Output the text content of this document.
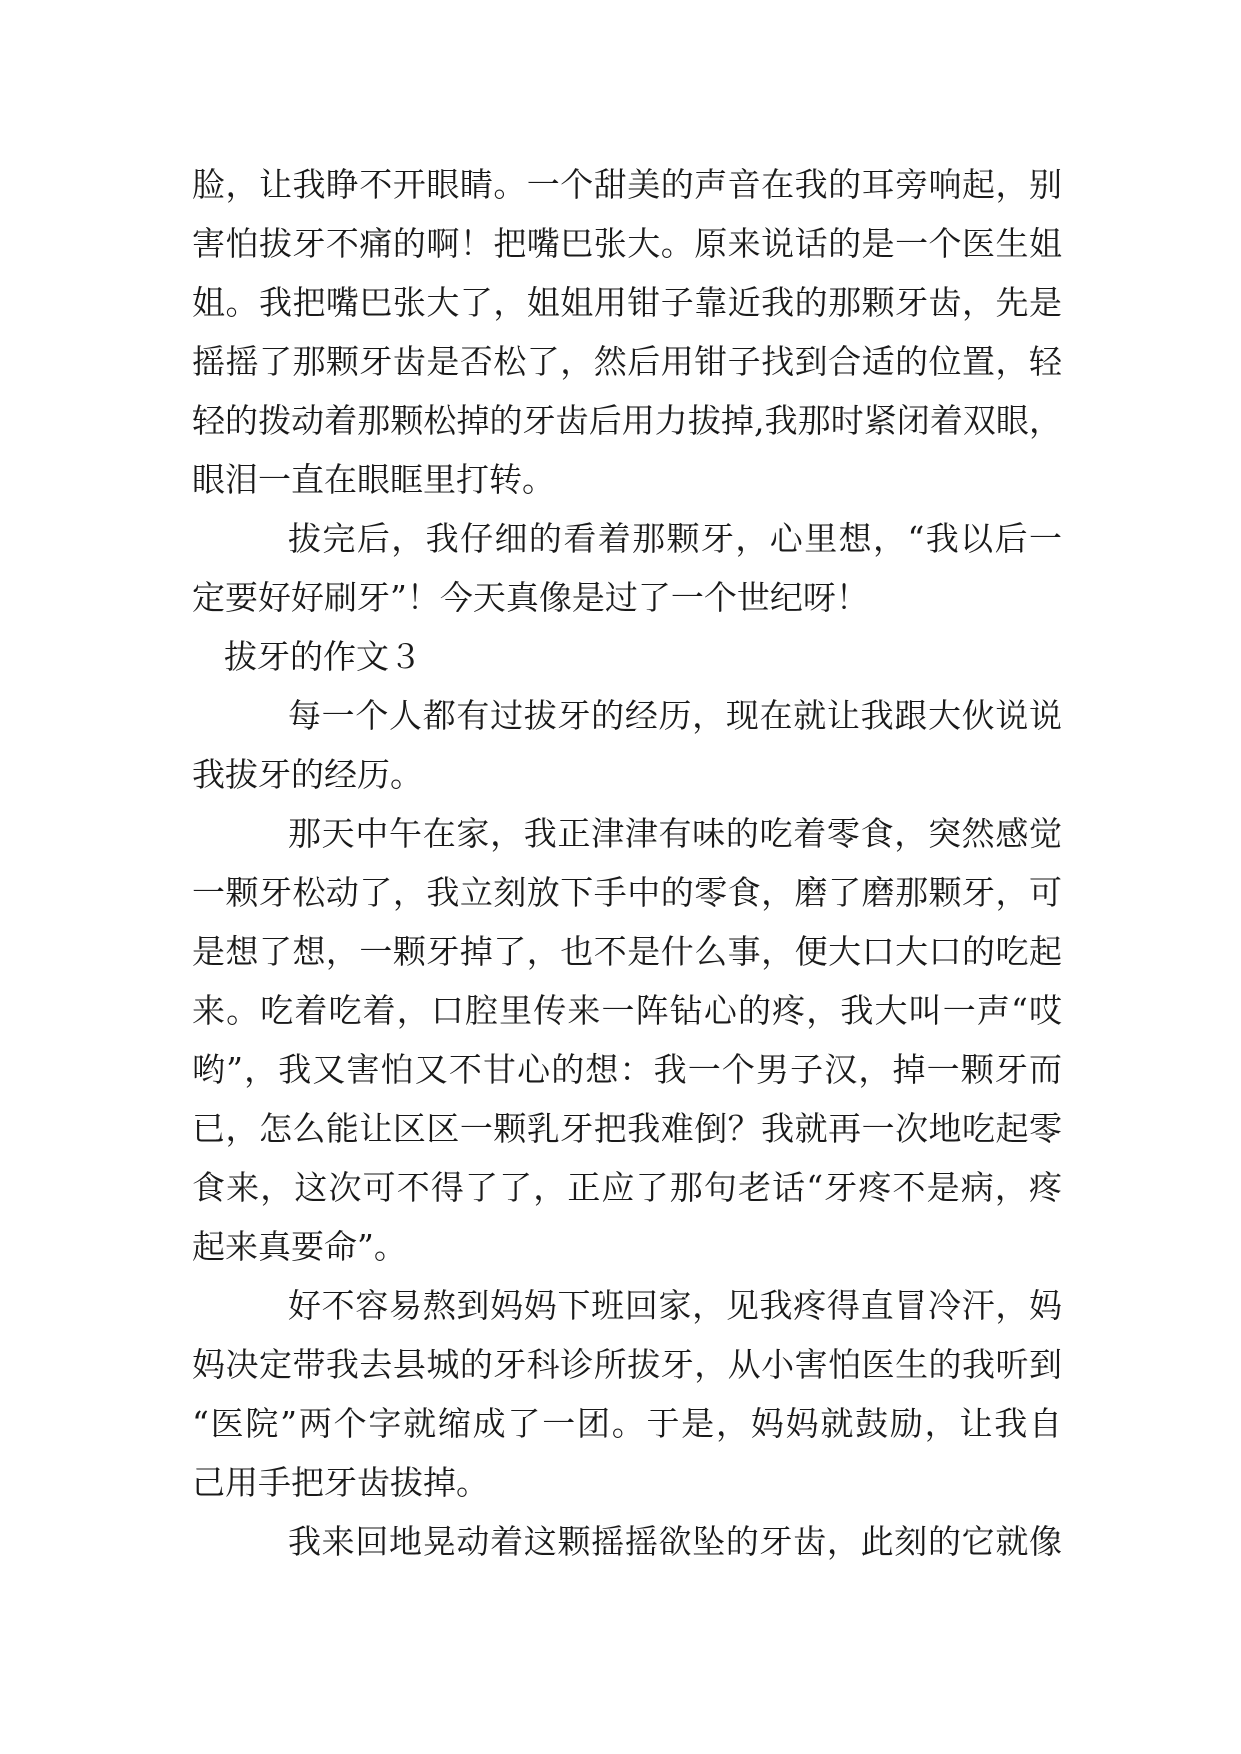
脸，让我睁不开眼睛。一个甜美的声音在我的耳旁响起，别
害怕拔牙不痛的啊！把嘴巴张大。原来说话的是一个医生姐
姐。我把嘴巴张大了，姐姐用钳子靠近我的那颗牙齿，先是
摇摇了那颗牙齿是否松了，然后用钳子找到合适的位置，轻
轻的拨动着那颗松掉的牙齿后用力拔掉,我那时紧闭着双眼，
眼泪一直在眼眶里打转。
拔完后，我仔细的看着那颗牙，心里想，“我以后一
定要好好刷牙”！今天真像是过了一个世纪呀！
拔牙的作文３
每一个人都有过拔牙的经历，现在就让我跟大伙说说
我拔牙的经历。
那天中午在家，我正津津有味的吃着零食，突然感觉
一颗牙松动了，我立刻放下手中的零食，磨了磨那颗牙，可
是想了想，一颗牙掉了，也不是什么事，便大口大口的吃起
来。吃着吃着，口腔里传来一阵钻心的疼，我大叫一声“哎
哟”，我又害怕又不甘心的想：我一个男子汉，掉一颗牙而
已，怎么能让区区一颗乳牙把我难倒？我就再一次地吃起零
食来，这次可不得了了，正应了那句老话“牙疼不是病，疼
起来真要命”。
好不容易熬到妈妈下班回家，见我疼得直冒冷汗，妈
妈决定带我去县城的牙科诊所拔牙，从小害怕医生的我听到
“医院”两个字就缩成了一团。于是，妈妈就鼓励，让我自
己用手把牙齿拔掉。
我来回地晃动着这颗摇摇欲坠的牙齿，此刻的它就像
